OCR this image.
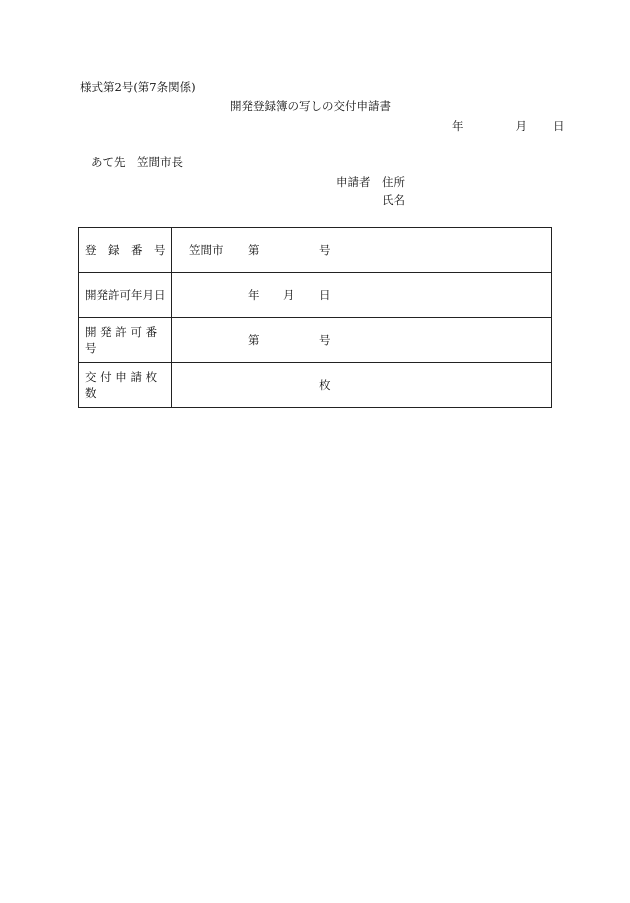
様式第2号(第7条関係)
開発登録簿の写しの交付申請書
年	月 日
あて先　笠間市長
申請者　住所
氏名
登　録　番　号	笠間市 第 号

開発許可年月日	年 月 日

開 発 許 可 番 号	第 号

交 付 申 請 枚 数	枚
